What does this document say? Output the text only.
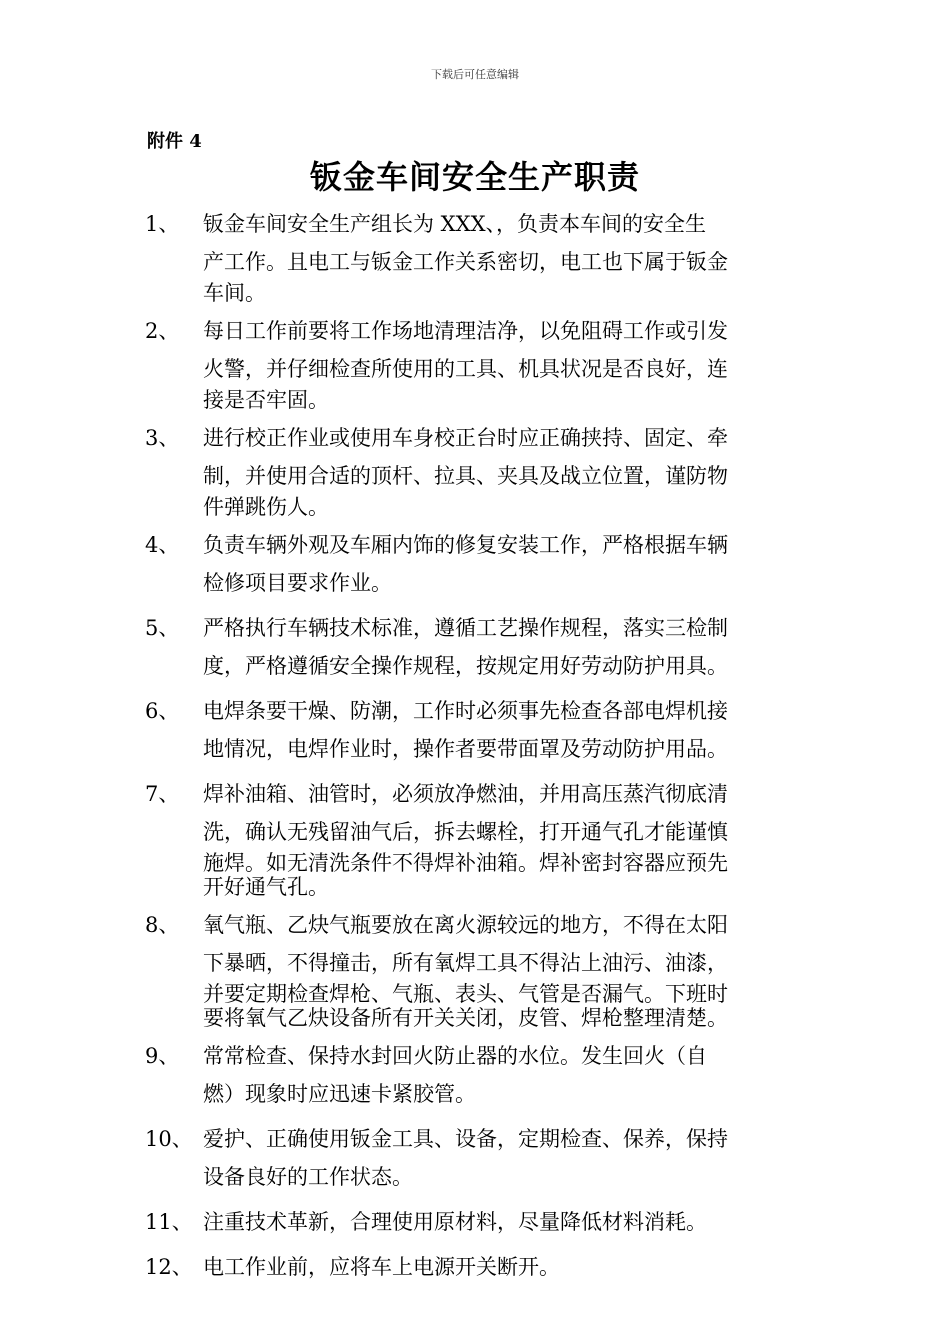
下载后可任意编辑
附件 4
钣金车间安全生产职责
1、	钣金车间安全生产组长为 XXX、，负责本车间的安全生
产工作。且电工与钣金工作关系密切，电工也下属于钣金
车间。
2、	每日工作前要将工作场地清理洁净，以免阻碍工作或引发
火警，并仔细检查所使用的工具、机具状况是否良好，连
接是否牢固。
3、	进行校正作业或使用车身校正台时应正确挟持、固定、牵
制，并使用合适的顶杆、拉具、夹具及战立位置，谨防物
件弹跳伤人。
4、	负责车辆外观及车厢内饰的修复安装工作，严格根据车辆
检修项目要求作业。
5、	严格执行车辆技术标准，遵循工艺操作规程，落实三检制
度，严格遵循安全操作规程，按规定用好劳动防护用具。
6、	电焊条要干燥、防潮，工作时必须事先检查各部电焊机接
地情况，电焊作业时，操作者要带面罩及劳动防护用品。
7、	焊补油箱、油管时，必须放净燃油，并用高压蒸汽彻底清
洗，确认无残留油气后，拆去螺栓，打开通气孔才能谨慎
施焊。如无清洗条件不得焊补油箱。焊补密封容器应预先
开好通气孔。
8、	氧气瓶、乙炔气瓶要放在离火源较远的地方，不得在太阳
下暴晒，不得撞击，所有氧焊工具不得沾上油污、油漆，
并要定期检查焊枪、气瓶、表头、气管是否漏气。下班时
要将氧气乙炔设备所有开关关闭，皮管、焊枪整理清楚。
9、	常常检查、保持水封回火防止器的水位。发生回火（自
燃）现象时应迅速卡紧胶管。
10、 爱护、正确使用钣金工具、设备，定期检查、保养，保持
设备良好的工作状态。
11、 注重技术革新，合理使用原材料，尽量降低材料消耗。
12、 电工作业前，应将车上电源开关断开。
